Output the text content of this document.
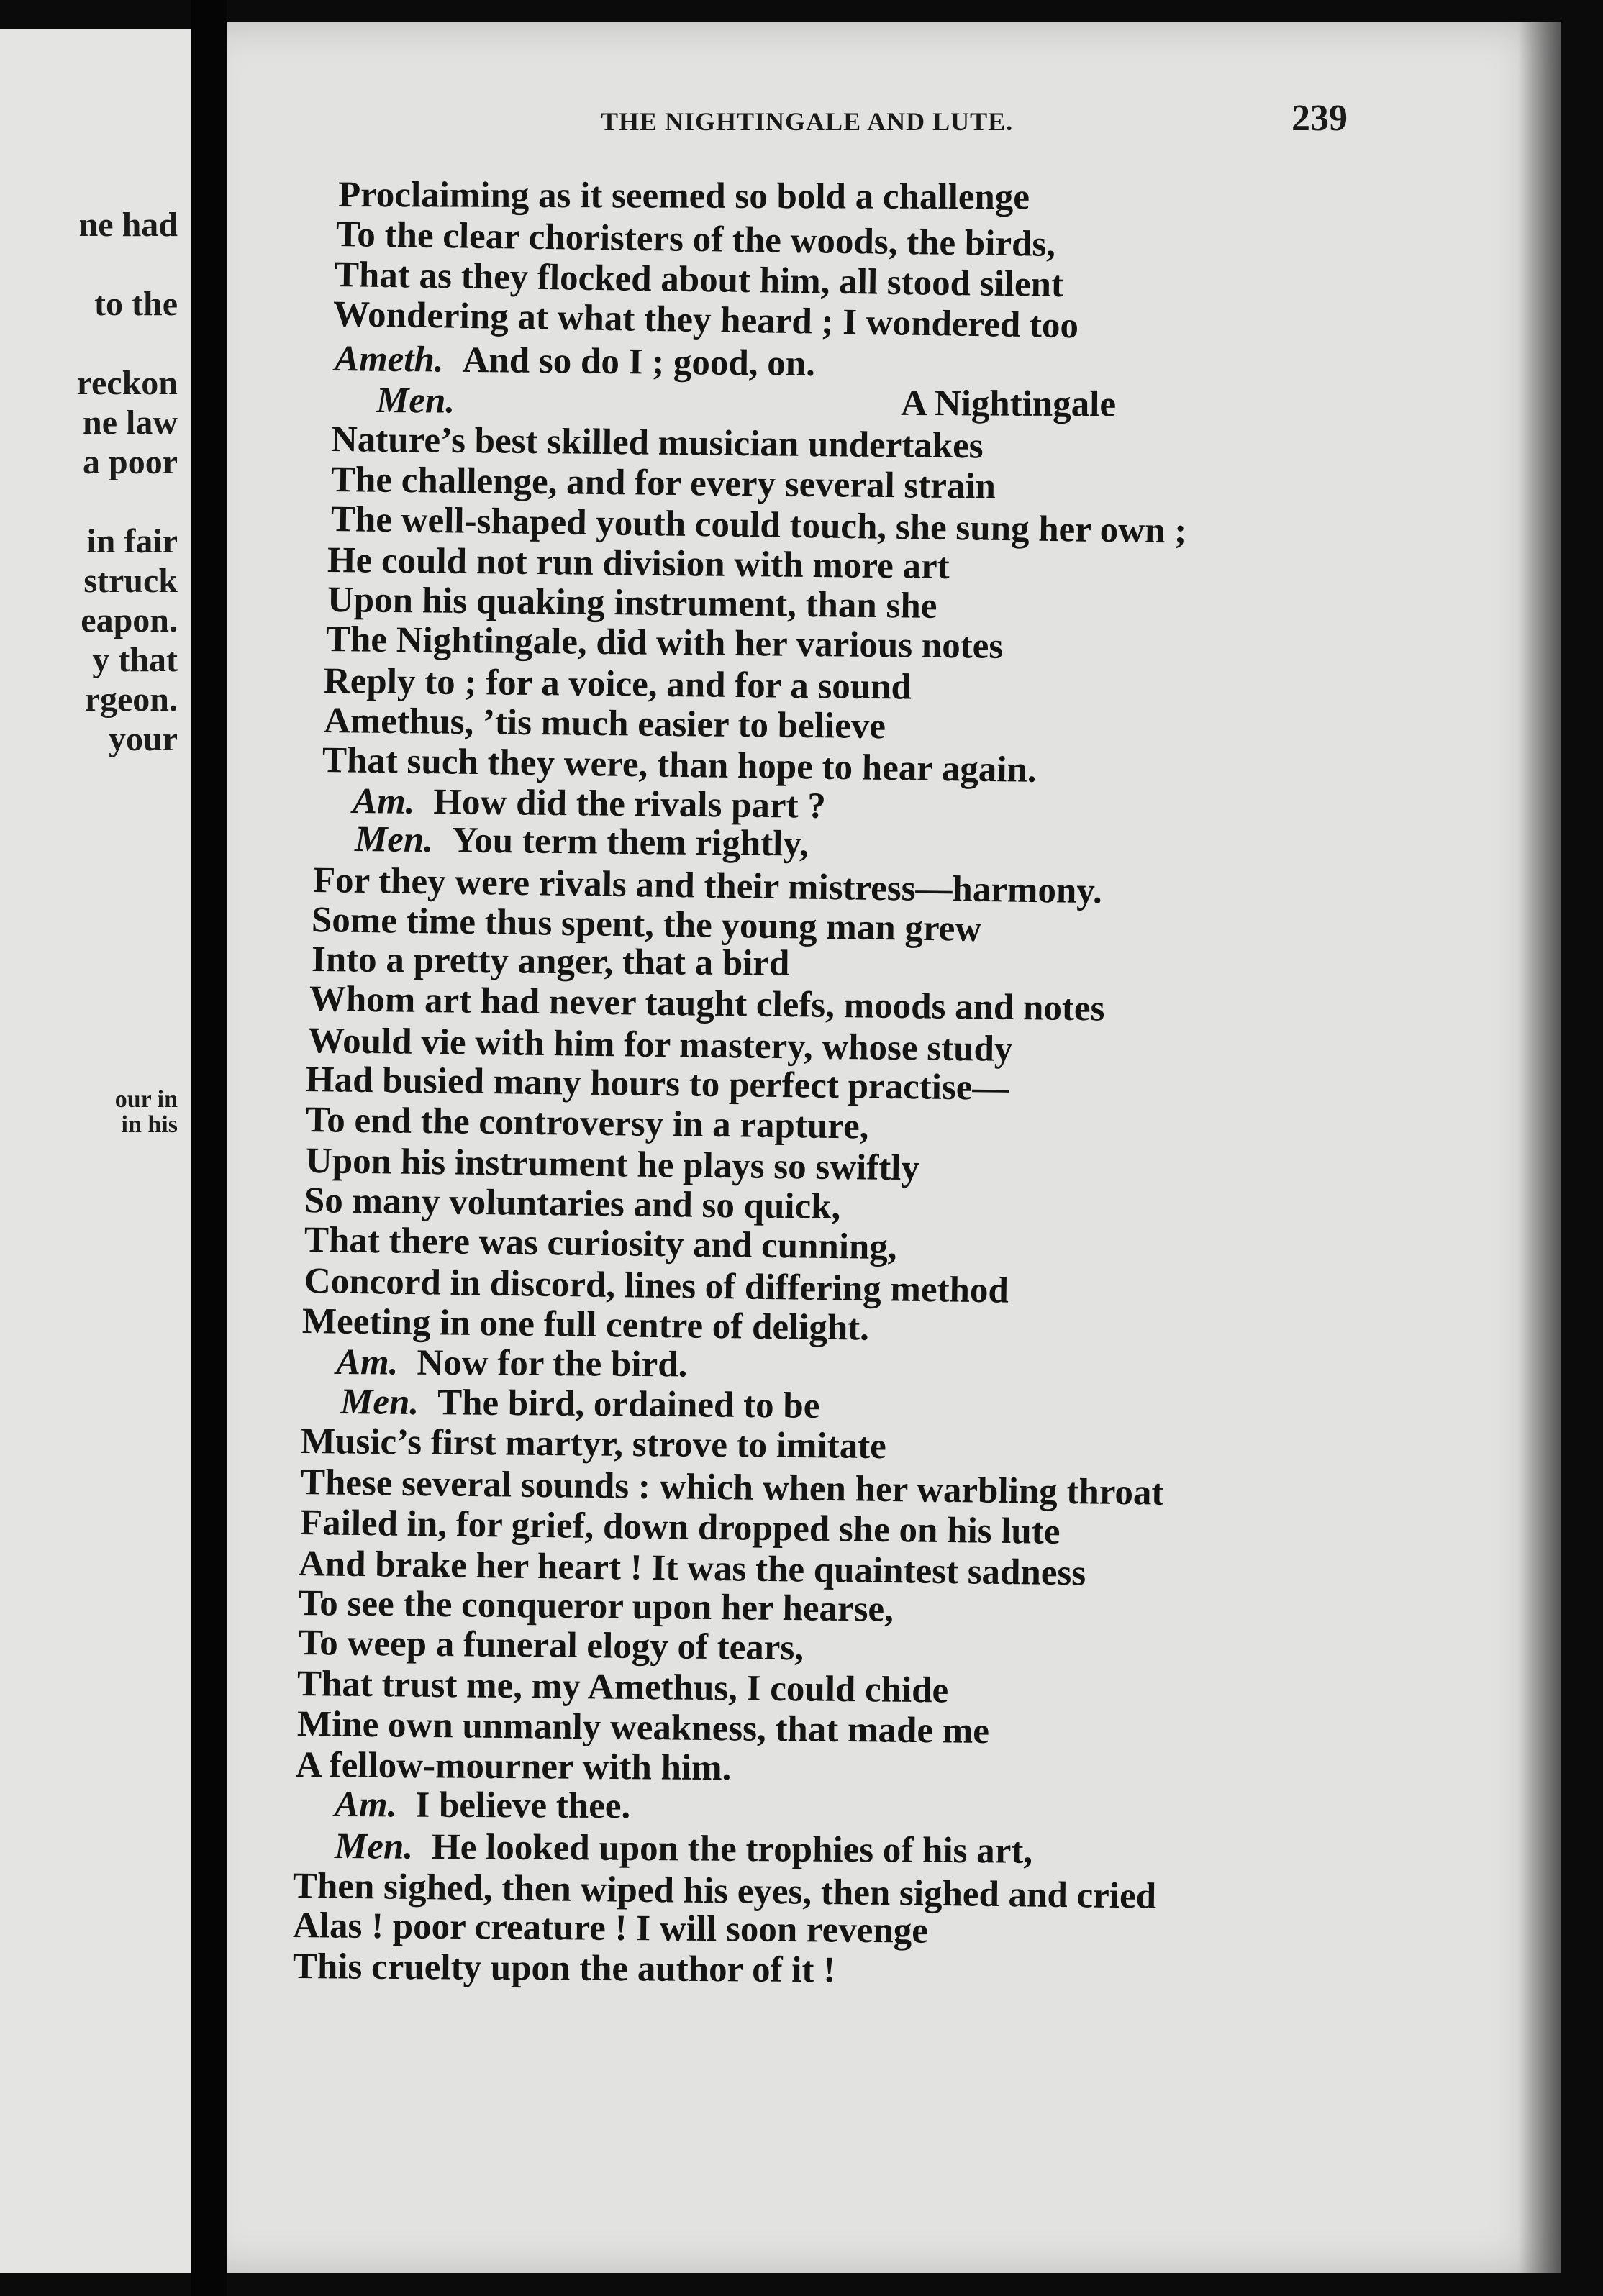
ne had
to the
reckon
ne law
a poor
in fair
struck
eapon.
y that
rgeon.
your
our in
in his
THE NIGHTINGALE AND LUTE.	239
Proclaiming as it seemed so bold a challenge
To the clear choristers of the woods, the birds,
That as they flocked about him, all stood silent
Wondering at what they heard ; I wondered too
Ameth. And so do I ; good, on.
Men.	A Nightingale
Nature’s best skilled musician undertakes
The challenge, and for every several strain
The well-shaped youth could touch, she sung her own ;
He could not run division with more art
Upon his quaking instrument, than she
The Nightingale, did with her various notes
Reply to ; for a voice, and for a sound
Amethus, ’tis much easier to believe
That such they were, than hope to hear again.
Am. How did the rivals part ?
Men. You term them rightly,
For they were rivals and their mistress—harmony.
Some time thus spent, the young man grew
Into a pretty anger, that a bird
Whom art had never taught clefs, moods and notes
Would vie with him for mastery, whose study
Had busied many hours to perfect practise—
To end the controversy in a rapture,
Upon his instrument he plays so swiftly
So many voluntaries and so quick,
That there was curiosity and cunning,
Concord in discord, lines of differing method
Meeting in one full centre of delight.
Am. Now for the bird.
Men. The bird, ordained to be
Music’s first martyr, strove to imitate
These several sounds : which when her warbling throat
Failed in, for grief, down dropped she on his lute
And brake her heart ! It was the quaintest sadness
To see the conqueror upon her hearse,
To weep a funeral elogy of tears,
That trust me, my Amethus, I could chide
Mine own unmanly weakness, that made me
A fellow-mourner with him.
Am. I believe thee.
Men. He looked upon the trophies of his art,
Then sighed, then wiped his eyes, then sighed and cried
Alas ! poor creature ! I will soon revenge
This cruelty upon the author of it !
